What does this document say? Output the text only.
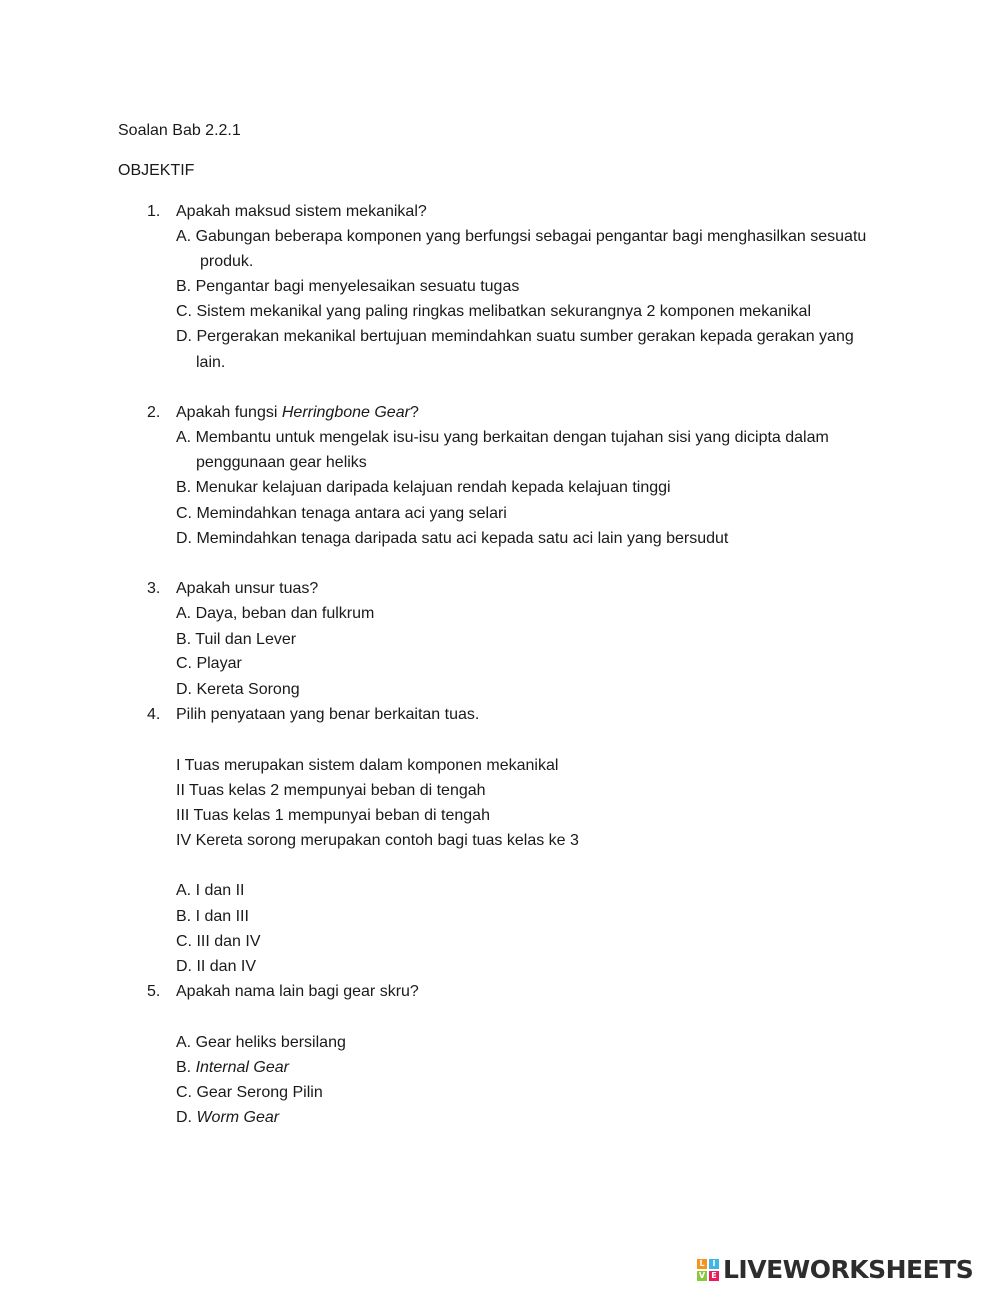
Soalan Bab 2.2.1
OBJEKTIF
1. Apakah maksud sistem mekanikal?
A. Gabungan beberapa komponen yang berfungsi sebagai pengantar bagi menghasilkan sesuatu
produk.
B. Pengantar bagi menyelesaikan sesuatu tugas
C. Sistem mekanikal yang paling ringkas melibatkan sekurangnya 2 komponen mekanikal
D. Pergerakan mekanikal bertujuan memindahkan suatu sumber gerakan kepada gerakan yang
lain.
2. Apakah fungsi Herringbone Gear?
A. Membantu untuk mengelak isu-isu yang berkaitan dengan tujahan sisi yang dicipta dalam
penggunaan gear heliks
B. Menukar kelajuan daripada kelajuan rendah kepada kelajuan tinggi
C. Memindahkan tenaga antara aci yang selari
D. Memindahkan tenaga daripada satu aci kepada satu aci lain yang bersudut
3. Apakah unsur tuas?
A. Daya, beban dan fulkrum
B. Tuil dan Lever
C. Playar
D. Kereta Sorong
4. Pilih penyataan yang benar berkaitan tuas.
I Tuas merupakan sistem dalam komponen mekanikal
II Tuas kelas 2 mempunyai beban di tengah
III Tuas kelas 1 mempunyai beban di tengah
IV Kereta sorong merupakan contoh bagi tuas kelas ke 3
A. I dan II
B. I dan III
C. III dan IV
D. II dan IV
5. Apakah nama lain bagi gear skru?
A. Gear heliks bersilang
B. Internal Gear
C. Gear Serong Pilin
D. Worm Gear
L I
V E LIVEWORKSHEETS
